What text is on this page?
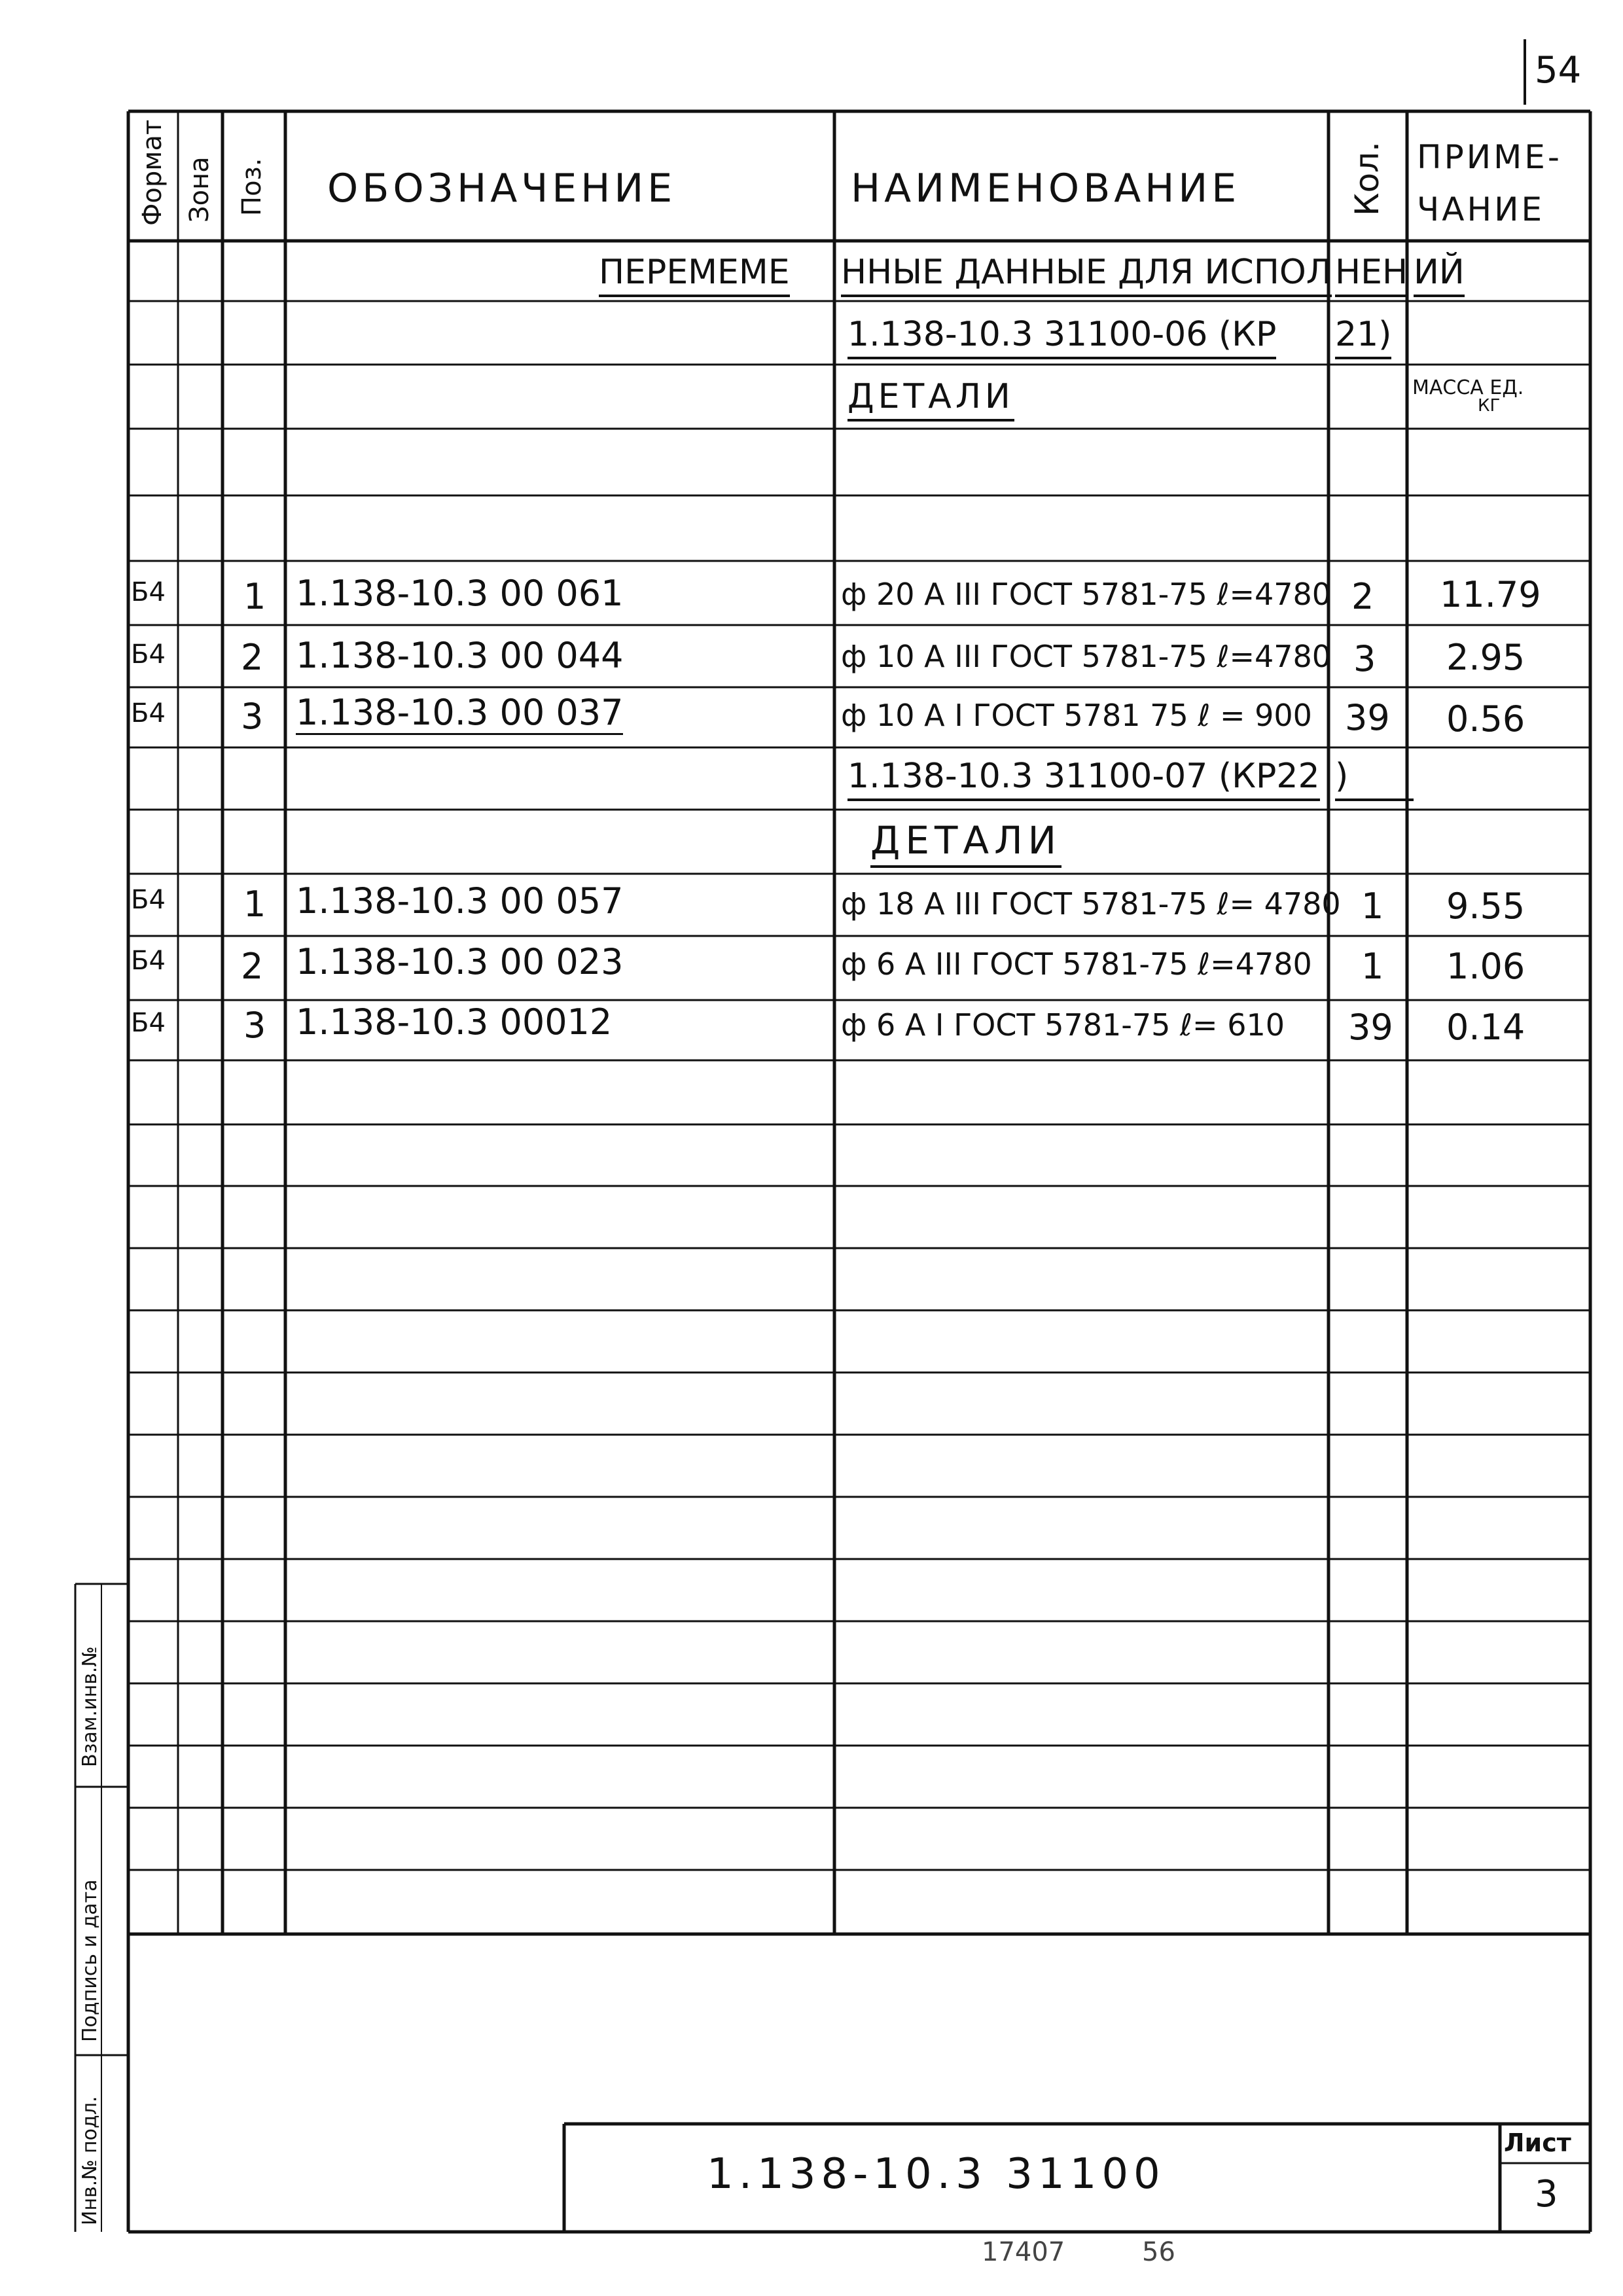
54
Формат Зона Поз. ОБОЗНАЧЕНИЕ	НАИМЕНОВАНИЕ	Кол. ПРИМЕ-
ЧАНИЕ
ПЕРЕМЕМЕ ННЫЕ ДАННЫЕ ДЛЯ ИСПОЛ НЕН ИЙ
1.138-10.3 31100-06 (КР 21)
ДЕТАЛИ	МАССА ЕД.
КГ
Б4 1 1.138-10.3 00 061	ф 20 А III ГОСТ 5781-75 ℓ=4780 2 11.79
Б4 2 1.138-10.3 00 044	ф 10 А III ГОСТ 5781-75 ℓ=4780 3 2.95
Б4 3 1.138-10.3 00 037	ф 10 А I ГОСТ 5781 75 ℓ = 900 39 0.56
1.138-10.3 31100-07 (КР22 )
ДЕТАЛИ
Б4 1 1.138-10.3 00 057	ф 18 А III ГОСТ 5781-75 ℓ= 4780 1 9.55
Б4 2 1.138-10.3 00 023	ф 6 А III ГОСТ 5781-75 ℓ=4780 1 1.06
Б4 3 1.138-10.3 00012	ф 6 А I ГОСТ 5781-75 ℓ= 610 39 0.14
Взам.инв.№
Подпись и дата
Инв.№ подл.	1.138-10.3 31100
Лист
3
17407	56
